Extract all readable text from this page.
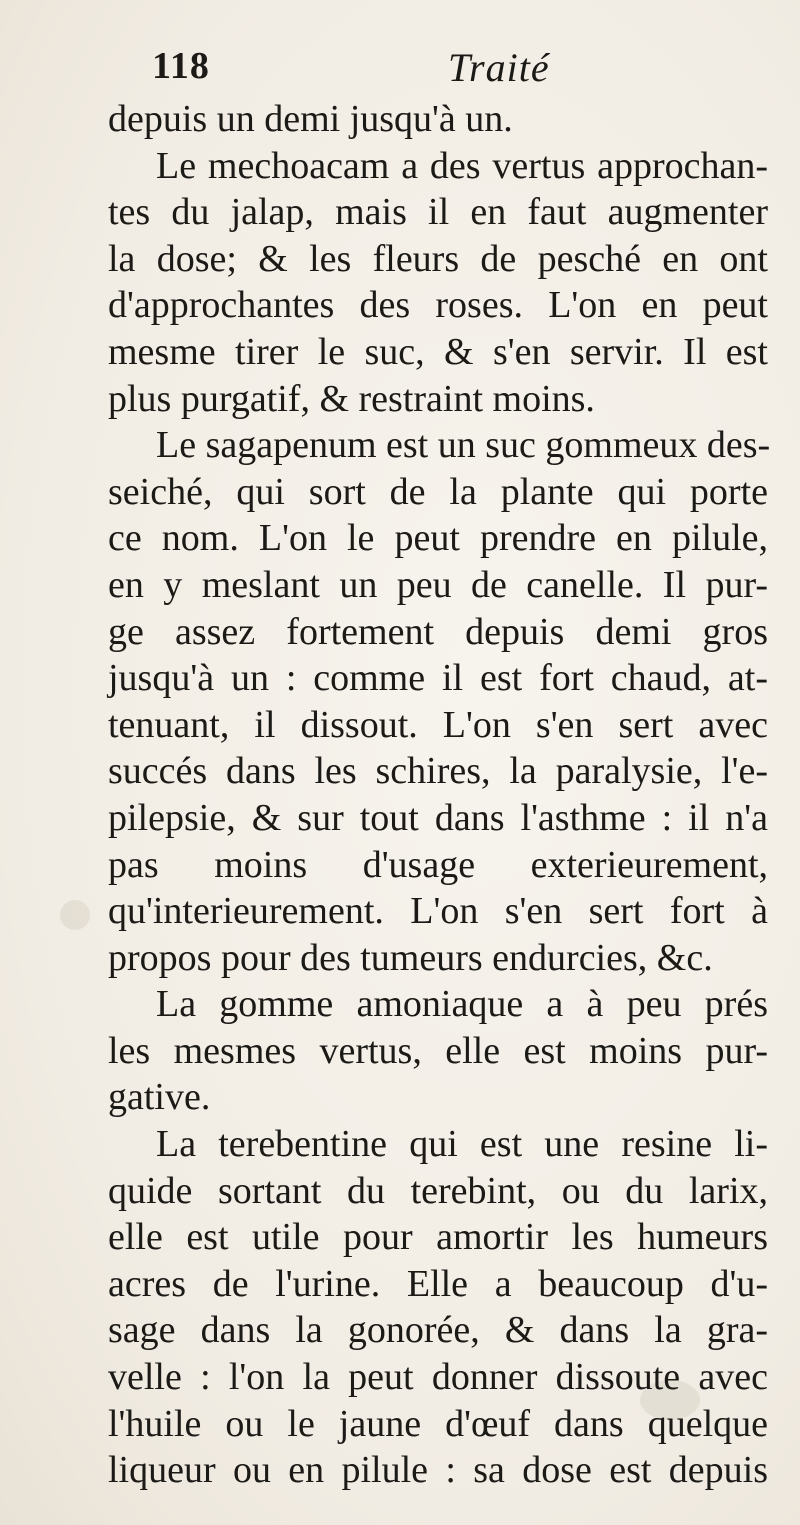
118	Traité
depuis un demi jusqu'à un.
Le mechoacam a des vertus approchan-
tes du jalap, mais il en faut augmenter
la dose; & les fleurs de pesché en ont
d'approchantes des roses. L'on en peut
mesme tirer le suc, & s'en servir. Il est
plus purgatif, & restraint moins.
Le sagapenum est un suc gommeux des-
seiché, qui sort de la plante qui porte
ce nom. L'on le peut prendre en pilule,
en y meslant un peu de canelle. Il pur-
ge assez fortement depuis demi gros
jusqu'à un : comme il est fort chaud, at-
tenuant, il dissout. L'on s'en sert avec
succés dans les schires, la paralysie, l'e-
pilepsie, & sur tout dans l'asthme : il n'a
pas moins d'usage exterieurement,
qu'interieurement. L'on s'en sert fort à
propos pour des tumeurs endurcies, &c.
La gomme amoniaque a à peu prés
les mesmes vertus, elle est moins pur-
gative.
La terebentine qui est une resine li-
quide sortant du terebint, ou du larix,
elle est utile pour amortir les humeurs
acres de l'urine. Elle a beaucoup d'u-
sage dans la gonorée, & dans la gra-
velle : l'on la peut donner dissoute avec
l'huile ou le jaune d'œuf dans quelque
liqueur ou en pilule : sa dose est depuis
